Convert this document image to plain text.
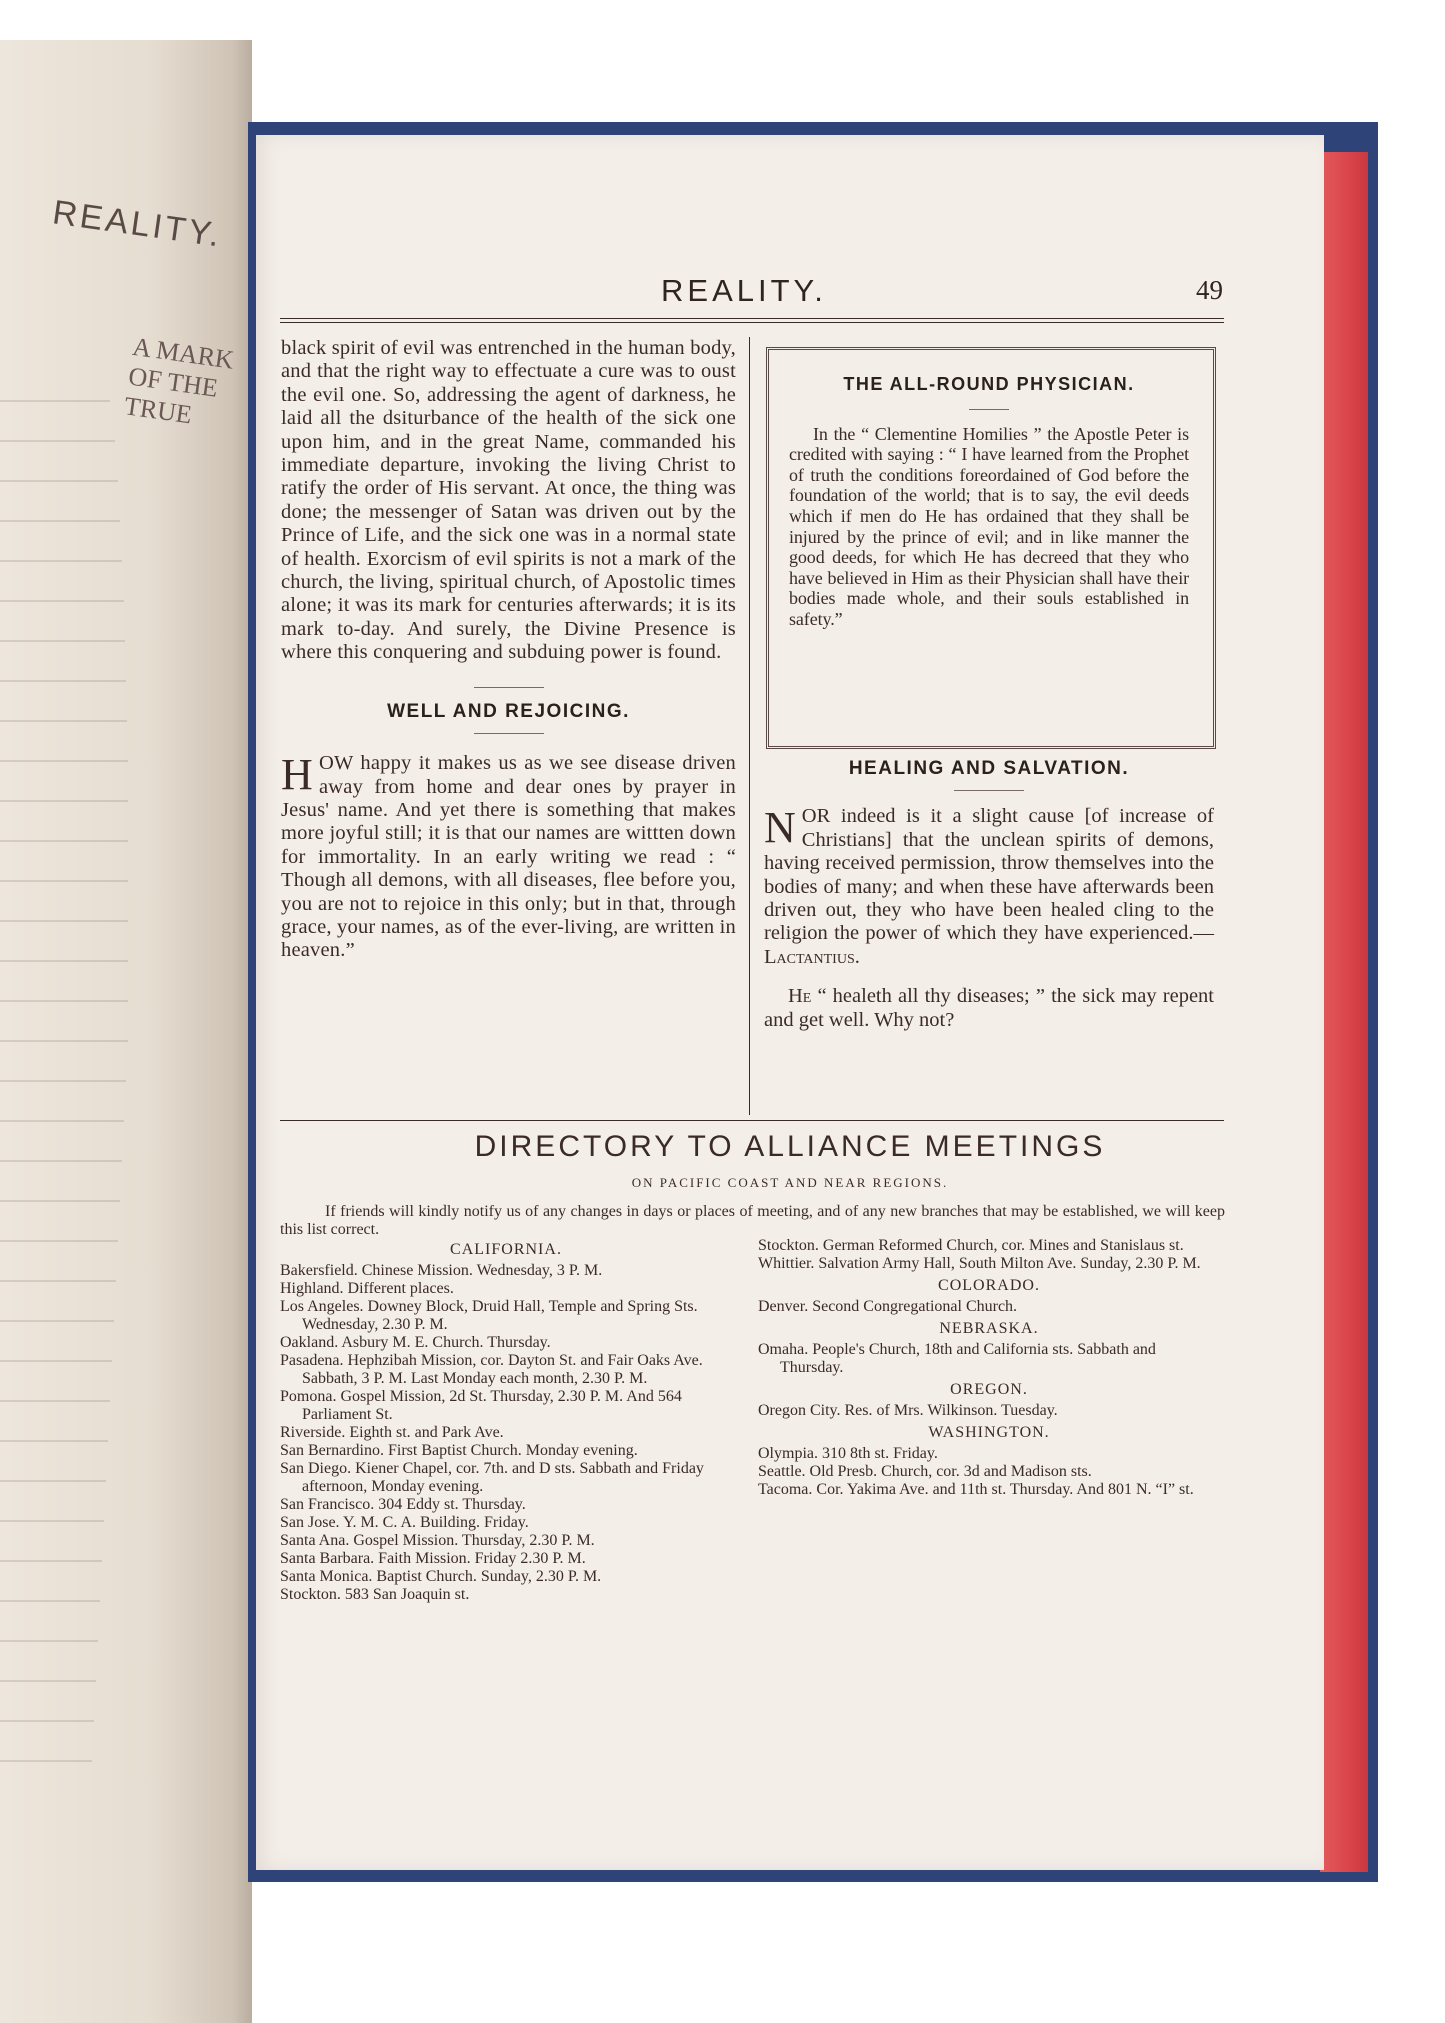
REALITY.
A MARK OF THE TRUE
REALITY.	49

black spirit of evil was entrenched in the human body, and that the right way to effectuate a cure was to oust the evil one. So, addressing the agent of darkness, he laid all the dsiturbance of the health of the sick one upon him, and in the great Name, commanded his immediate departure, invoking the living Christ to ratify the order of His servant. At once, the thing was done; the messenger of Satan was driven out by the Prince of Life, and the sick one was in a normal state of health. Exorcism of evil spirits is not a mark of the church, the living, spiritual church, of Apostolic times alone; it was its mark for centuries afterwards; it is its mark to-day. And surely, the Divine Presence is where this conquering and subduing power is found.

WELL AND REJOICING.

HOW happy it makes us as we see disease driven away from home and dear ones by prayer in Jesus' name. And yet there is something that makes more joyful still; it is that our names are wittten down for immortality. In an early writing we read : “ Though all demons, with all diseases, flee before you, you are not to rejoice in this only; but in that, through grace, your names, as of the ever-living, are written in heaven.”

THE ALL-ROUND PHYSICIAN.

In the “ Clementine Homilies ” the Apostle Peter is credited with saying : “ I have learned from the Prophet of truth the conditions foreordained of God before the foundation of the world; that is to say, the evil deeds which if men do He has ordained that they shall be injured by the prince of evil; and in like manner the good deeds, for which He has decreed that they who have believed in Him as their Physician shall have their bodies made whole, and their souls established in safety.”

HEALING AND SALVATION.

NOR indeed is it a slight cause [of increase of Christians] that the unclean spirits of demons, having received permission, throw themselves into the bodies of many; and when these have afterwards been driven out, they who have been healed cling to the religion the power of which they have experienced.— Lactantius.

He “ healeth all thy diseases; ” the sick may repent and get well. Why not?

DIRECTORY TO ALLIANCE MEETINGS
ON PACIFIC COAST AND NEAR REGIONS.
If friends will kindly notify us of any changes in days or places of meeting, and of any new branches that may be established, we will keep this list correct.
CALIFORNIA.
Bakersfield. Chinese Mission. Wednesday, 3 P. M.
Highland. Different places.
Los Angeles. Downey Block, Druid Hall, Temple and Spring Sts. Wednesday, 2.30 P. M.
Oakland. Asbury M. E. Church. Thursday.
Pasadena. Hephzibah Mission, cor. Dayton St. and Fair Oaks Ave. Sabbath, 3 P. M. Last Monday each month, 2.30 P. M.
Pomona. Gospel Mission, 2d St. Thursday, 2.30 P. M. And 564 Parliament St.
Riverside. Eighth st. and Park Ave.
San Bernardino. First Baptist Church. Monday evening.
San Diego. Kiener Chapel, cor. 7th. and D sts. Sabbath and Friday afternoon, Monday evening.
San Francisco. 304 Eddy st. Thursday.
San Jose. Y. M. C. A. Building. Friday.
Santa Ana. Gospel Mission. Thursday, 2.30 P. M.
Santa Barbara. Faith Mission. Friday 2.30 P. M.
Santa Monica. Baptist Church. Sunday, 2.30 P. M.
Stockton. 583 San Joaquin st.
Stockton. German Reformed Church, cor. Mines and Stanislaus st.
Whittier. Salvation Army Hall, South Milton Ave. Sunday, 2.30 P. M.
COLORADO.
Denver. Second Congregational Church.
NEBRASKA.
Omaha. People's Church, 18th and California sts. Sabbath and Thursday.
OREGON.
Oregon City. Res. of Mrs. Wilkinson. Tuesday.
WASHINGTON.
Olympia. 310 8th st. Friday.
Seattle. Old Presb. Church, cor. 3d and Madison sts.
Tacoma. Cor. Yakima Ave. and 11th st. Thursday. And 801 N. “I” st.
